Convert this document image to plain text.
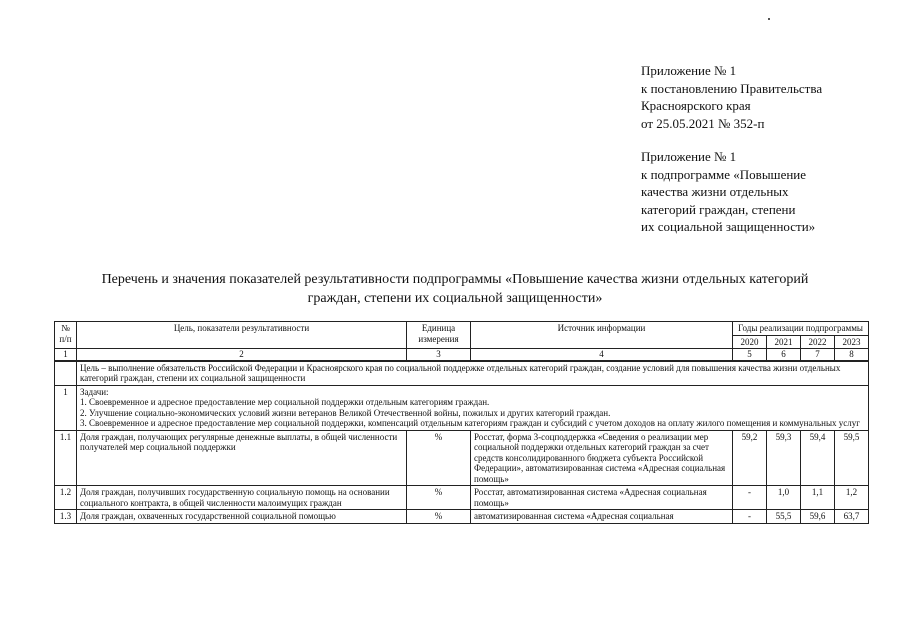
Приложение № 1
к постановлению Правительства
Красноярского края
от 25.05.2021 № 352-п
Приложение № 1
к подпрограмме «Повышение
качества жизни отдельных
категорий граждан, степени
их социальной защищенности»
Перечень и значения показателей результативности подпрограммы «Повышение качества жизни отдельных категорий
граждан, степени их социальной защищенности»
№ п/п	Цель, показатели результативности	Единица измерения	Источник информации	Годы реализации подпрограммы			
				2020	2021	2022	2023
1	2	3	4	5	6	7	8
	Цель – выполнение обязательств Российской Федерации и Красноярского края по социальной поддержке отдельных категорий граждан, создание условий для повышения качества жизни отдельных категорий граждан, степени их социальной защищенности						
1	Задачи:
1. Своевременное и адресное предоставление мер социальной поддержки отдельным категориям граждан.
2. Улучшение социально-экономических условий жизни ветеранов Великой Отечественной войны, пожилых и других категорий граждан.
3. Своевременное и адресное предоставление мер социальной поддержки, компенсаций отдельным категориям граждан и субсидий с учетом доходов на оплату жилого помещения и коммунальных услуг						

1.1	Доля граждан, получающих регулярные денежные выплаты, в общей численности получателей мер социальной поддержки	%	Росстат, форма 3-соцподдержка «Сведения о реализации мер социальной поддержки отдельных категорий граждан за счет средств консолидированного бюджета субъекта Российской Федерации», автоматизированная система «Адресная социальная помощь»	59,2	59,3	59,4	59,5
1.2	Доля граждан, получивших государственную социальную помощь на основании социального контракта, в общей численности малоимущих граждан	%	Росстат, автоматизированная система «Адресная социальная помощь»	-	1,0	1,1	1,2
1.3	Доля граждан, охваченных государственной социальной помощью	%	автоматизированная система «Адресная социальная	-	55,5	59,6	63,7
